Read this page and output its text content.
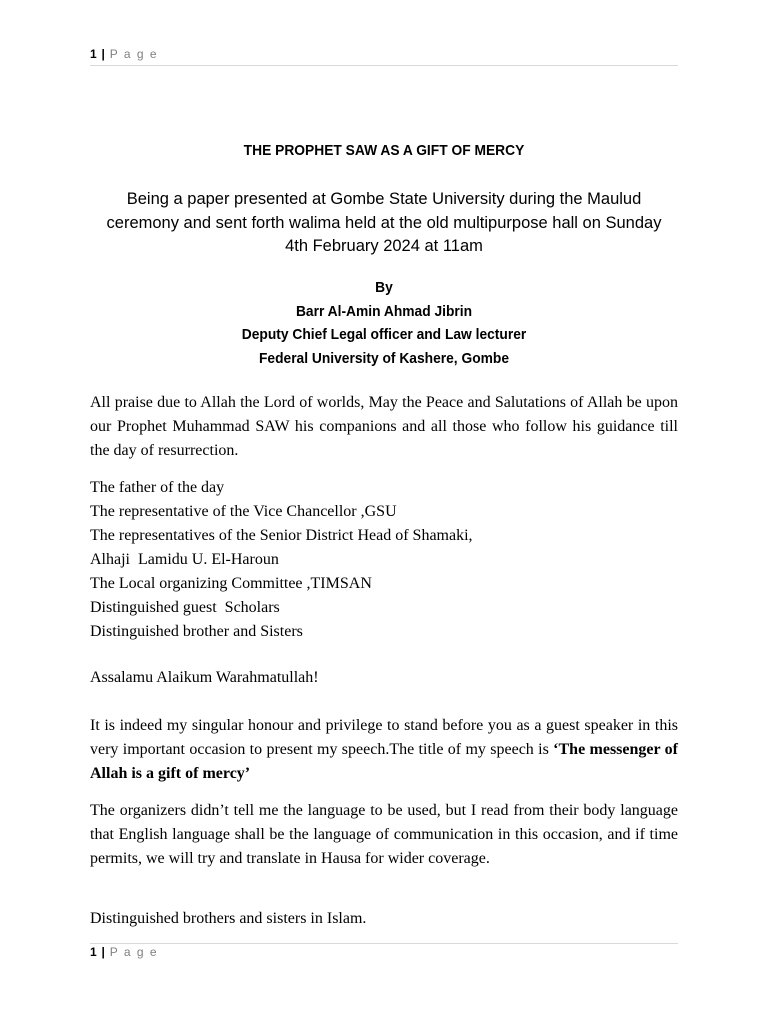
1 | P a g e
THE PROPHET SAW AS A GIFT OF MERCY
Being a paper presented at Gombe State University during the Maulud ceremony and sent forth walima held at the old multipurpose hall on Sunday 4th February 2024 at 11am
By
Barr Al-Amin Ahmad Jibrin
Deputy Chief Legal officer and Law lecturer
Federal University of Kashere, Gombe
All praise due to Allah the Lord of worlds, May the Peace and Salutations of Allah be upon our Prophet Muhammad SAW his companions and all those who follow his guidance till the day of resurrection.
The father of the day
The representative of the Vice Chancellor ,GSU
The representatives of the Senior District Head of Shamaki,
Alhaji  Lamidu U. El-Haroun
The Local organizing Committee ,TIMSAN
Distinguished guest  Scholars
Distinguished brother and Sisters
Assalamu Alaikum Warahmatullah!
It is indeed my singular honour and privilege to stand before you as a guest speaker in this very important occasion to present my speech.The title of my speech is ‘The messenger of Allah is a gift of mercy’
The organizers didn’t tell me the language to be used, but I read from their body language that English language shall be the language of communication in this occasion, and if time permits, we will try and translate in Hausa for wider coverage.
Distinguished brothers and sisters in Islam.
1 | P a g e
